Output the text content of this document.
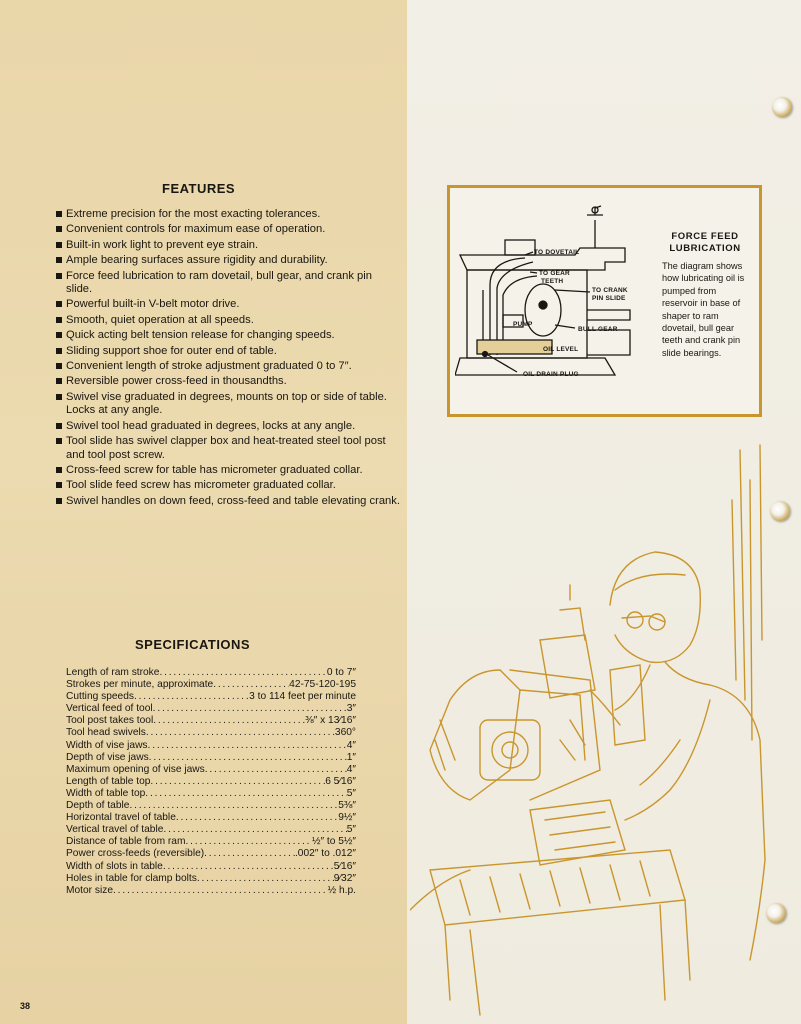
FEATURES
Extreme precision for the most exacting tolerances.
Convenient controls for maximum ease of operation.
Built-in work light to prevent eye strain.
Ample bearing surfaces assure rigidity and durability.
Force feed lubrication to ram dovetail, bull gear, and crank pin slide.
Powerful built-in V-belt motor drive.
Smooth, quiet operation at all speeds.
Quick acting belt tension release for changing speeds.
Sliding support shoe for outer end of table.
Convenient length of stroke adjustment graduated 0 to 7″.
Reversible power cross-feed in thousandths.
Swivel vise graduated in degrees, mounts on top or side of table. Locks at any angle.
Swivel tool head graduated in degrees, locks at any angle.
Tool slide has swivel clapper box and heat-treated steel tool post and tool post screw.
Cross-feed screw for table has micrometer graduated collar.
Tool slide feed screw has micrometer graduated collar.
Swivel handles on down feed, cross-feed and table elevating crank.
SPECIFICATIONS
Length of ram stroke . . .	0 to 7″
Strokes per minute, approximate . . .	42-75-120-195
Cutting speeds . . .	3 to 114 feet per minute
Vertical feed of tool . . .	3″
Tool post takes tool . . .	⅜″ x 13⁄16″
Tool head swivels . . .	360°
Width of vise jaws . . .	4″
Depth of vise jaws . . .	1″
Maximum opening of vise jaws . . .	4″
Length of table top . . .	6 5⁄16″
Width of table top . . .	5″
Depth of table . . .	5⅜″
Horizontal travel of table . . .	9½″
Vertical travel of table . . .	5″
Distance of table from ram . . .	½″ to 5½″
Power cross-feeds (reversible) . . .	.002″ to .012″
Width of slots in table . . .	5⁄16″
Holes in table for clamp bolts . . .	9⁄32″
Motor size . . .	½ h.p.
38
TO DOVETAIL
TO GEAR
TEETH
TO CRANK
PIN SLIDE
PUMP
BULL GEAR
OIL LEVEL
OIL DRAIN PLUG
FORCE FEED
LUBRICATION
The diagram shows how lubricating oil is pumped from reservoir in base of shaper to ram dovetail, bull gear teeth and crank pin slide bearings.
